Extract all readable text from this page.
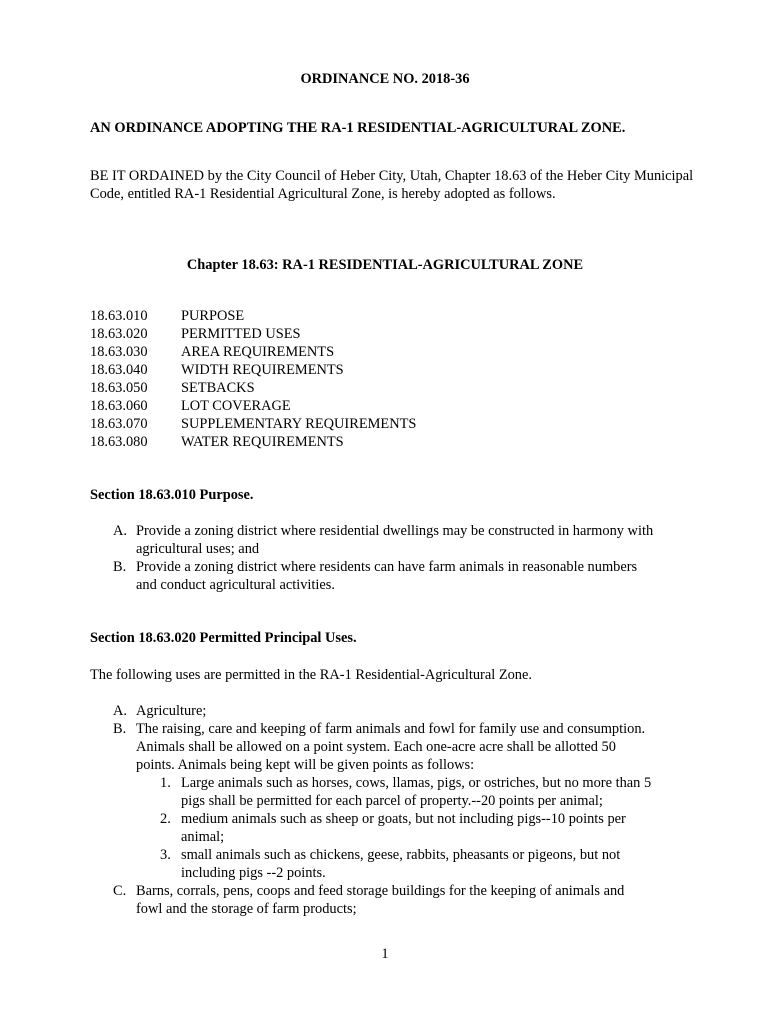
ORDINANCE NO. 2018-36
AN ORDINANCE ADOPTING THE RA-1 RESIDENTIAL-AGRICULTURAL ZONE.
BE IT ORDAINED by the City Council of Heber City, Utah, Chapter 18.63 of the Heber City Municipal
Code, entitled RA-1 Residential Agricultural Zone, is hereby adopted as follows.
Chapter 18.63: RA-1 RESIDENTIAL-AGRICULTURAL ZONE
18.63.010 PURPOSE
18.63.020 PERMITTED USES
18.63.030 AREA REQUIREMENTS
18.63.040 WIDTH REQUIREMENTS
18.63.050 SETBACKS
18.63.060 LOT COVERAGE
18.63.070 SUPPLEMENTARY REQUIREMENTS
18.63.080 WATER REQUIREMENTS
Section 18.63.010 Purpose.
A. Provide a zoning district where residential dwellings may be constructed in harmony with
agricultural uses; and
B. Provide a zoning district where residents can have farm animals in reasonable numbers
and conduct agricultural activities.
Section 18.63.020 Permitted Principal Uses.
The following uses are permitted in the RA-1 Residential-Agricultural Zone.
A. Agriculture;
B. The raising, care and keeping of farm animals and fowl for family use and consumption.
Animals shall be allowed on a point system. Each one-acre acre shall be allotted 50
points. Animals being kept will be given points as follows:
1. Large animals such as horses, cows, llamas, pigs, or ostriches, but no more than 5
pigs shall be permitted for each parcel of property.--20 points per animal;
2. medium animals such as sheep or goats, but not including pigs--10 points per
animal;
3. small animals such as chickens, geese, rabbits, pheasants or pigeons, but not
including pigs --2 points.
C. Barns, corrals, pens, coops and feed storage buildings for the keeping of animals and
fowl and the storage of farm products;
1
